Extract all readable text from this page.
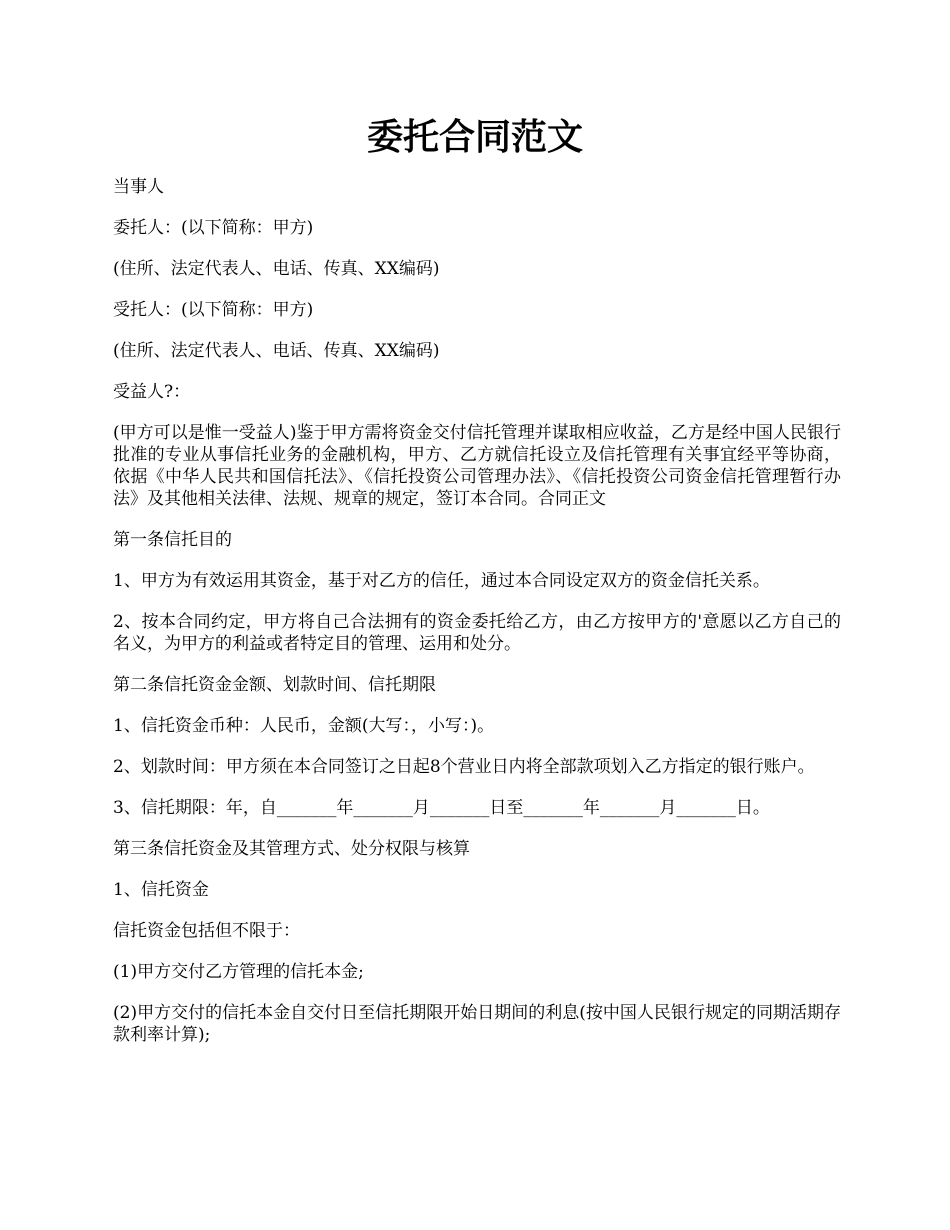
委托合同范文

当事人

委托人：(以下简称：甲方)

(住所、法定代表人、电话、传真、XX编码)

受托人：(以下简称：甲方)

(住所、法定代表人、电话、传真、XX编码)

受益人?：

(甲方可以是惟一受益人)鉴于甲方需将资金交付信托管理并谋取相应收益，乙方是经中国人民银行批准的专业从事信托业务的金融机构，甲方、乙方就信托设立及信托管理有关事宜经平等协商，依据《中华人民共和国信托法》、《信托投资公司管理办法》、《信托投资公司资金信托管理暂行办法》及其他相关法律、法规、规章的规定，签订本合同。合同正文

第一条信托目的

1、甲方为有效运用其资金，基于对乙方的信任，通过本合同设定双方的资金信托关系。

2、按本合同约定，甲方将自己合法拥有的资金委托给乙方，由乙方按甲方的'意愿以乙方自己的名义，为甲方的利益或者特定目的管理、运用和处分。

第二条信托资金金额、划款时间、信托期限

1、信托资金币种：人民币，金额(大写：，小写：)。

2、划款时间：甲方须在本合同签订之日起8个营业日内将全部款项划入乙方指定的银行账户。

3、信托期限：年，自_______年_______月_______日至_______年_______月_______日。

第三条信托资金及其管理方式、处分权限与核算

1、信托资金

信托资金包括但不限于：

(1)甲方交付乙方管理的信托本金;

(2)甲方交付的信托本金自交付日至信托期限开始日期间的利息(按中国人民银行规定的同期活期存款利率计算);
